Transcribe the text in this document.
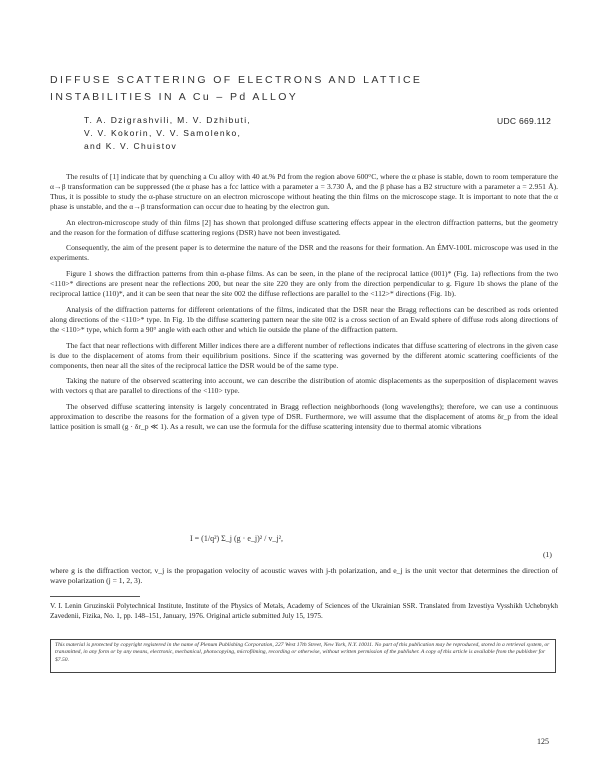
DIFFUSE SCATTERING OF ELECTRONS AND LATTICE
INSTABILITIES IN A Cu – Pd ALLOY
UDC 669.112
T. A. Dzigrashvili, M. V. Dzhibuti,
V. V. Kokorin, V. V. Samolenko,
and K. V. Chuistov

The results of [1] indicate that by quenching a Cu alloy with 40 at.% Pd from the region above 600°C, where the α phase is stable, down to room temperature the α→β transformation can be suppressed (the α phase has a fcc lattice with a parameter a = 3.730 Å, and the β phase has a B2 structure with a parameter a = 2.951 Å). Thus, it is possible to study the α-phase structure on an electron microscope without heating the thin films on the microscope stage. It is important to note that the α phase is unstable, and the α→β transformation can occur due to heating by the electron gun.

An electron-microscope study of thin films [2] has shown that prolonged diffuse scattering effects appear in the electron diffraction patterns, but the geometry and the reason for the formation of diffuse scattering regions (DSR) have not been investigated.

Consequently, the aim of the present paper is to determine the nature of the DSR and the reasons for their formation. An ÉMV-100L microscope was used in the experiments.

Figure 1 shows the diffraction patterns from thin α-phase films. As can be seen, in the plane of the reciprocal lattice (001)* (Fig. 1a) reflections from the two <110>* directions are present near the reflections 200, but near the site 220 they are only from the direction perpendicular to g. Figure 1b shows the plane of the reciprocal lattice (110)*, and it can be seen that near the site 002 the diffuse reflections are parallel to the <112>* directions (Fig. 1b).

Analysis of the diffraction patterns for different orientations of the films, indicated that the DSR near the Bragg reflections can be described as rods oriented along directions of the <110>* type. In Fig. 1b the diffuse scattering pattern near the site 002 is a cross section of an Ewald sphere of diffuse rods along directions of the <110>* type, which form a 90° angle with each other and which lie outside the plane of the diffraction pattern.

The fact that near reflections with different Miller indices there are a different number of reflections indicates that diffuse scattering of electrons in the given case is due to the displacement of atoms from their equilibrium positions. Since if the scattering was governed by the different atomic scattering coefficients of the components, then near all the sites of the reciprocal lattice the DSR would be of the same type.

Taking the nature of the observed scattering into account, we can describe the distribution of atomic displacements as the superposition of displacement waves with vectors q that are parallel to directions of the <110> type.

The observed diffuse scattering intensity is largely concentrated in Bragg reflection neighborhoods (long wavelengths); therefore, we can use a continuous approximation to describe the reasons for the formation of a given type of DSR. Furthermore, we will assume that the displacement of atoms δr_p from the ideal lattice position is small (g · δr_p ≪ 1). As a result, we can use the formula for the diffuse scattering intensity due to thermal atomic vibrations

I = (1/q²) Σ_j (g · e_j)² / v_j²,
(1)
where g is the diffraction vector, v_j is the propagation velocity of acoustic waves with j-th polarization, and e_j is the unit vector that determines the direction of wave polarization (j = 1, 2, 3).
V. I. Lenin Gruzinskii Polytechnical Institute, Institute of the Physics of Metals, Academy of Sciences of the Ukrainian SSR. Translated from Izvestiya Vysshikh Uchebnykh Zavedenii, Fizika, No. 1, pp. 148–151, January, 1976. Original article submitted July 15, 1975.
This material is protected by copyright registered in the name of Plenum Publishing Corporation, 227 West 17th Street, New York, N.Y. 10011. No part of this publication may be reproduced, stored in a retrieval system, or transmitted, in any form or by any means, electronic, mechanical, photocopying, microfilming, recording or otherwise, without written permission of the publisher. A copy of this article is available from the publisher for $7.50.
125
